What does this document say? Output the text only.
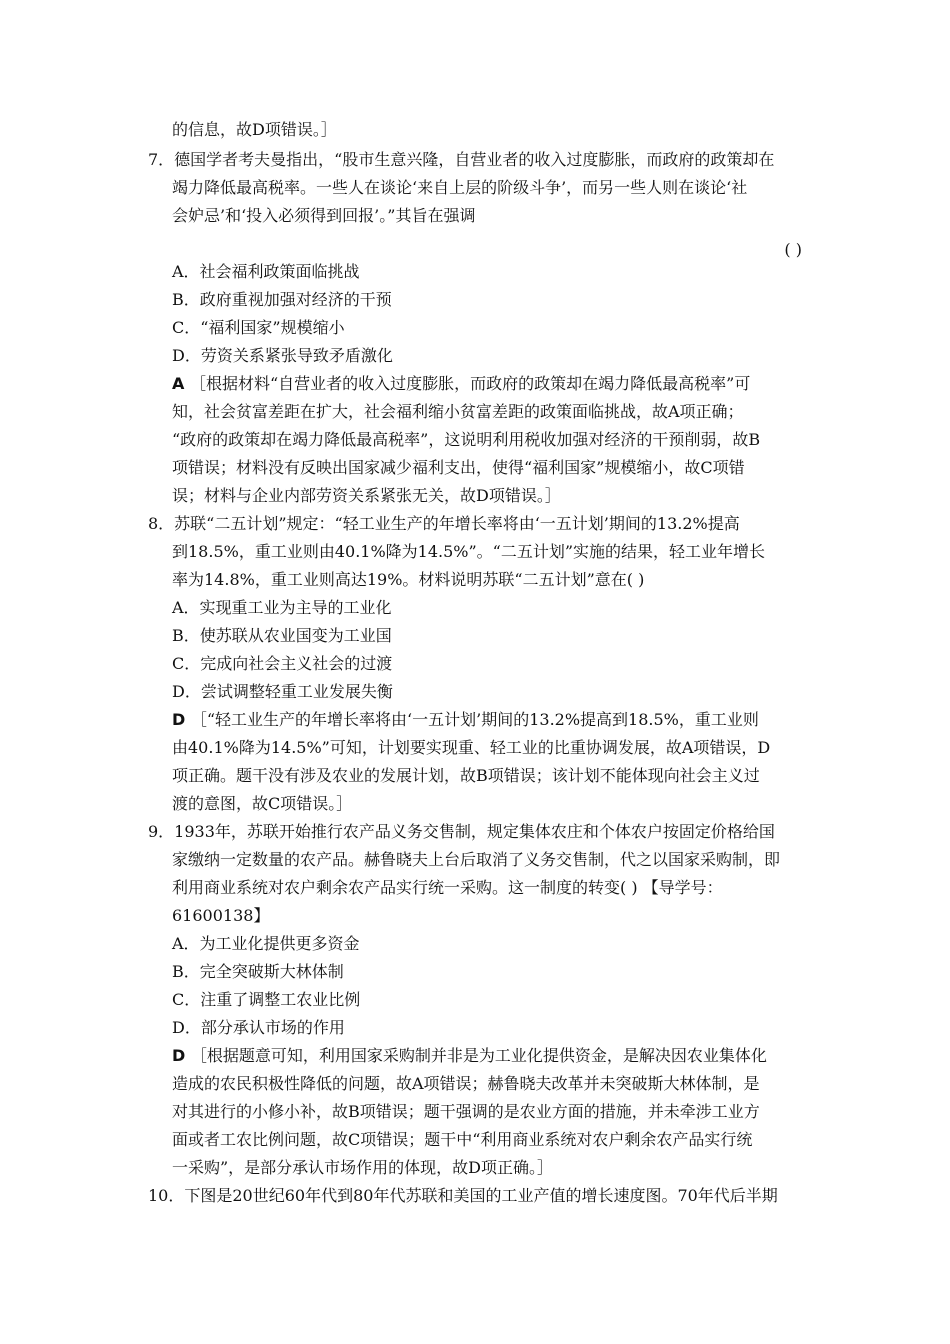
的信息，故D项错误。］
7．德国学者考夫曼指出，“股市生意兴隆，自营业者的收入过度膨胀，而政府的政策却在
竭力降低最高税率。一些人在谈论‘来自上层的阶级斗争’，而另一些人则在谈论‘社
会妒忌’和‘投入必须得到回报’。”其旨在强调
( )
A．社会福利政策面临挑战
B．政府重视加强对经济的干预
C．“福利国家”规模缩小
D．劳资关系紧张导致矛盾激化
A ［根据材料“自营业者的收入过度膨胀，而政府的政策却在竭力降低最高税率”可
知，社会贫富差距在扩大，社会福利缩小贫富差距的政策面临挑战，故A项正确；
“政府的政策却在竭力降低最高税率”，这说明利用税收加强对经济的干预削弱，故B
项错误；材料没有反映出国家减少福利支出，使得“福利国家”规模缩小，故C项错
误；材料与企业内部劳资关系紧张无关，故D项错误。］
8．苏联“二五计划”规定：“轻工业生产的年增长率将由‘一五计划’期间的13.2%提高
到18.5%，重工业则由40.1%降为14.5%”。“二五计划”实施的结果，轻工业年增长
率为14.8%，重工业则高达19%。材料说明苏联“二五计划”意在( )
A．实现重工业为主导的工业化
B．使苏联从农业国变为工业国
C．完成向社会主义社会的过渡
D．尝试调整轻重工业发展失衡
D ［“轻工业生产的年增长率将由‘一五计划’期间的13.2%提高到18.5%，重工业则
由40.1%降为14.5%”可知，计划要实现重、轻工业的比重协调发展，故A项错误，D
项正确。题干没有涉及农业的发展计划，故B项错误；该计划不能体现向社会主义过
渡的意图，故C项错误。］
9．1933年，苏联开始推行农产品义务交售制，规定集体农庄和个体农户按固定价格给国
家缴纳一定数量的农产品。赫鲁晓夫上台后取消了义务交售制，代之以国家采购制，即
利用商业系统对农户剩余农产品实行统一采购。这一制度的转变( ) 【导学号：
61600138】
A．为工业化提供更多资金
B．完全突破斯大林体制
C．注重了调整工农业比例
D．部分承认市场的作用
D ［根据题意可知，利用国家采购制并非是为工业化提供资金，是解决因农业集体化
造成的农民积极性降低的问题，故A项错误；赫鲁晓夫改革并未突破斯大林体制，是
对其进行的小修小补，故B项错误；题干强调的是农业方面的措施，并未牵涉工业方
面或者工农比例问题，故C项错误；题干中“利用商业系统对农户剩余农产品实行统
一采购”，是部分承认市场作用的体现，故D项正确。］
10．下图是20世纪60年代到80年代苏联和美国的工业产值的增长速度图。70年代后半期
